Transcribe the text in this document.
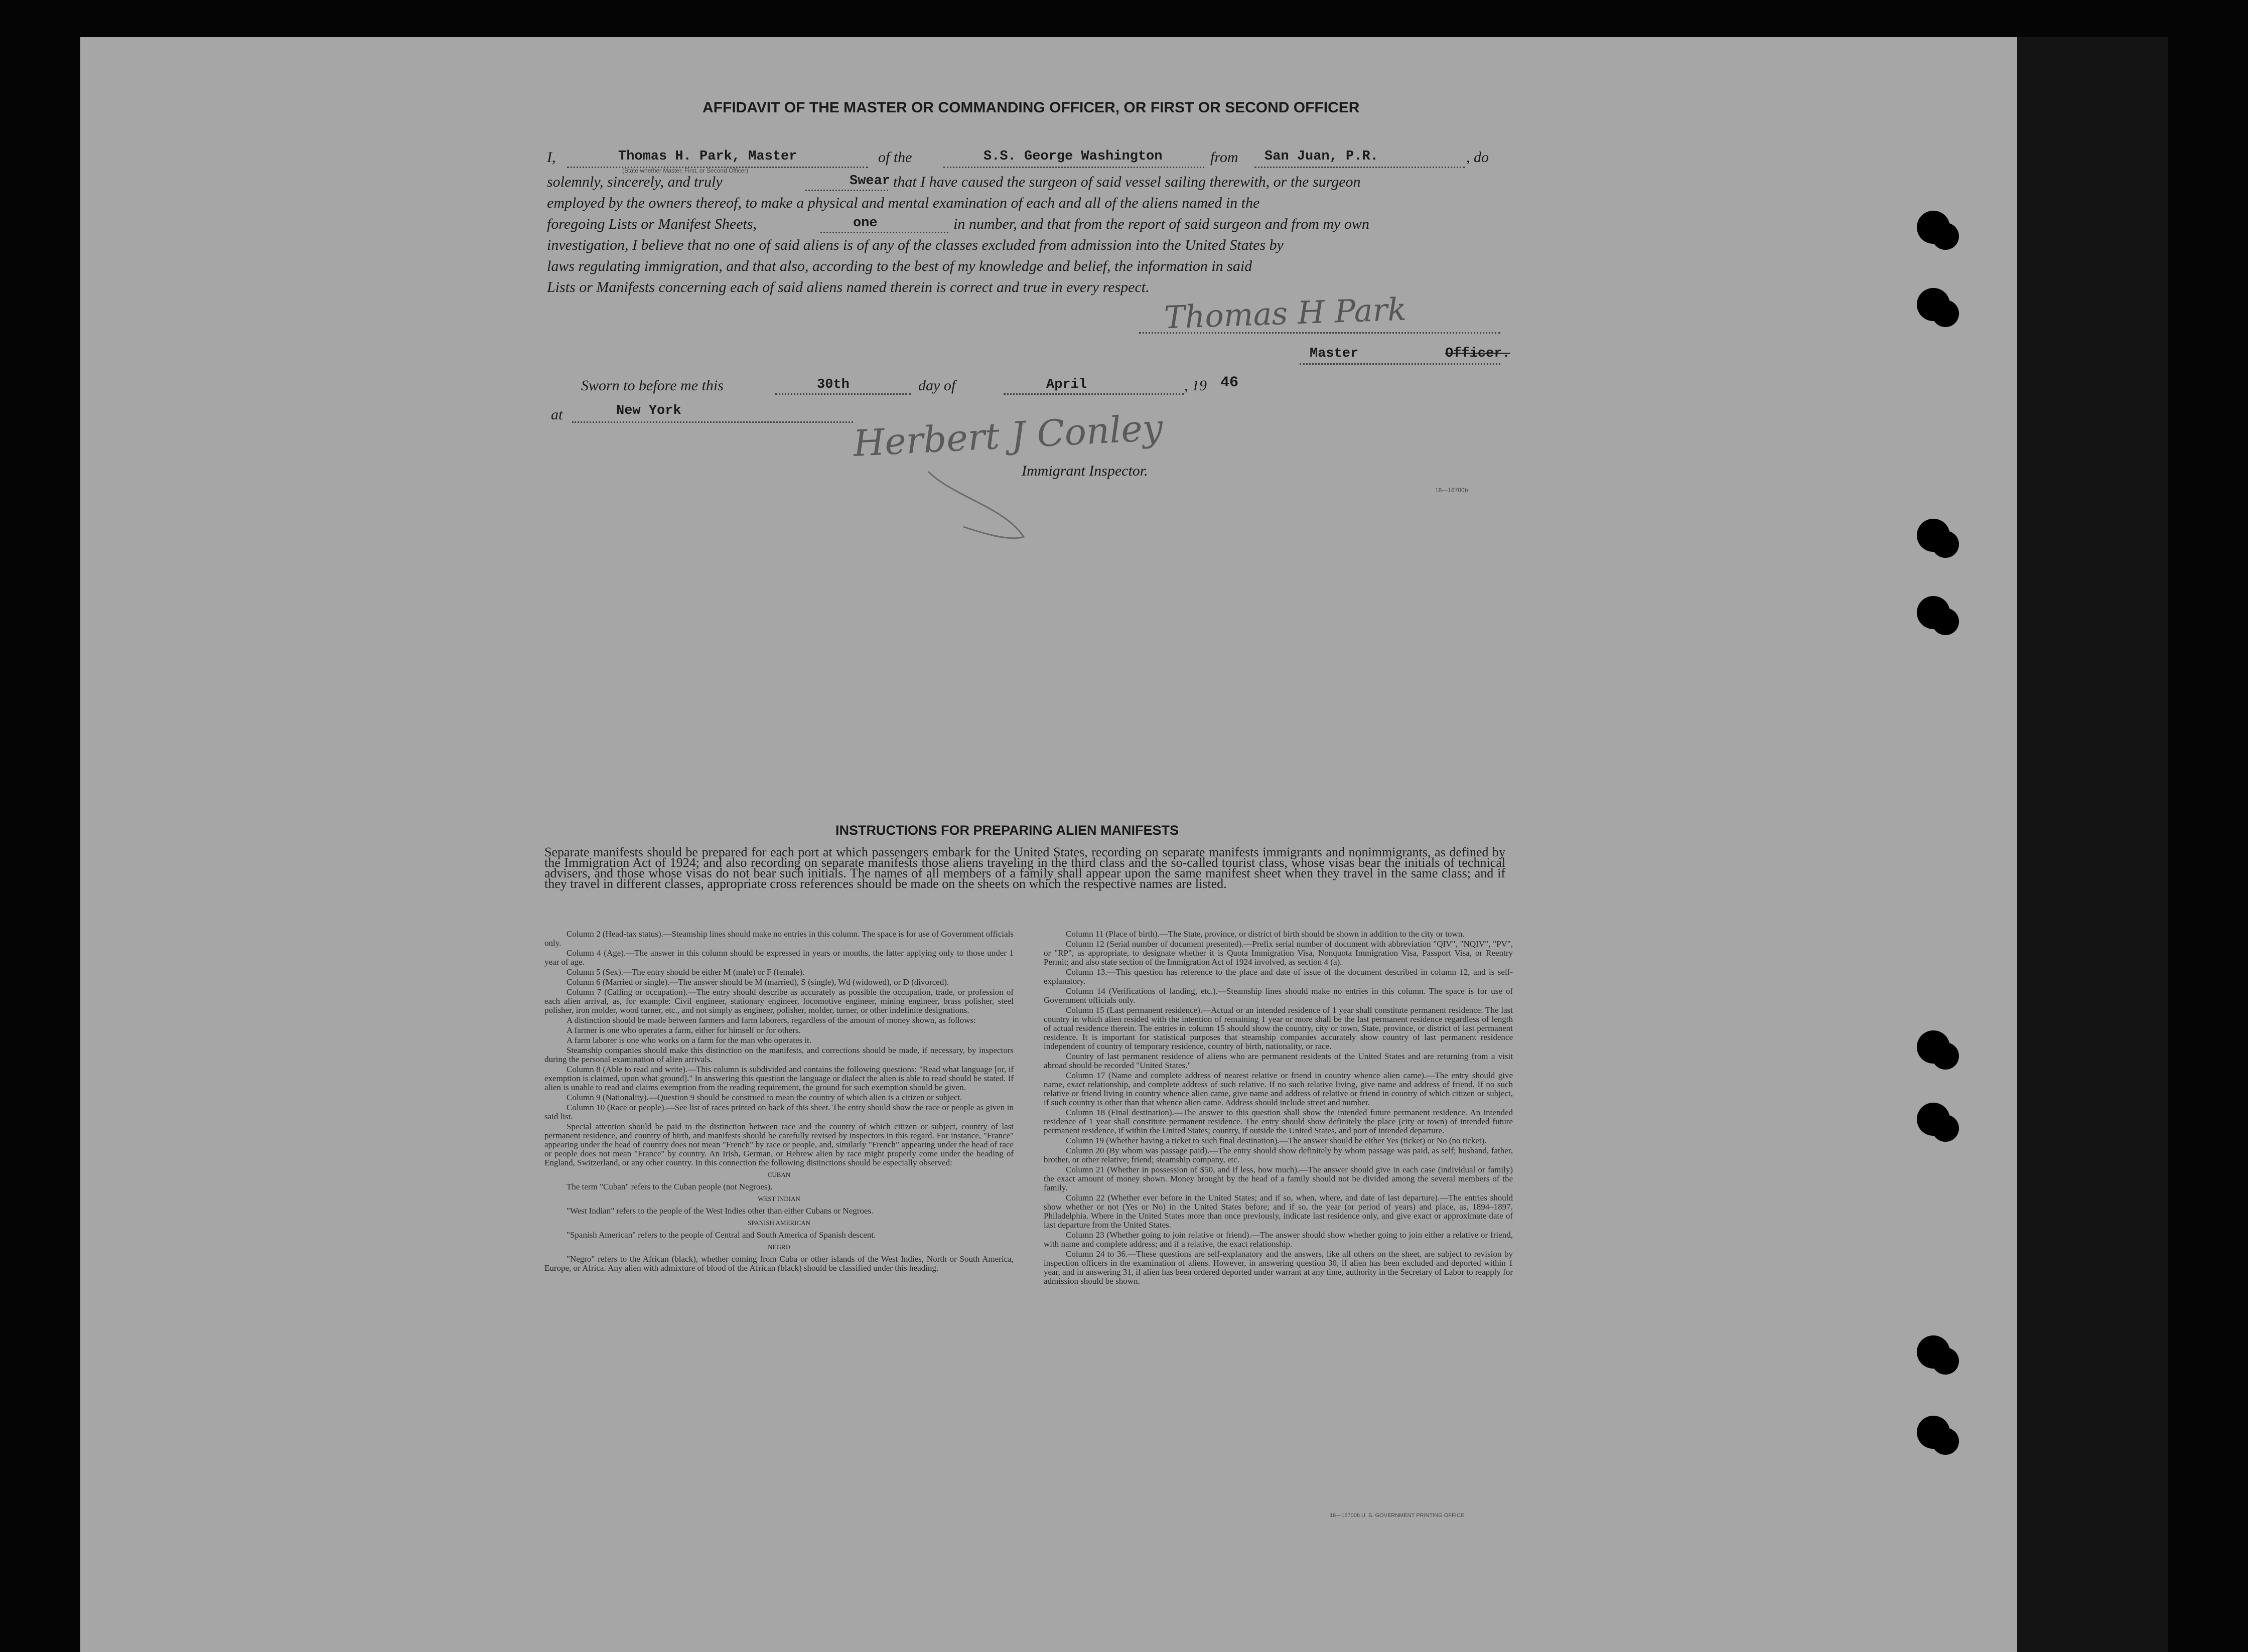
AFFIDAVIT OF THE MASTER OR COMMANDING OFFICER, OR FIRST OR SECOND OFFICER
I,	Thomas H. Park, Master
(State whether Master, First, or Second Officer)
of the	S.S. George Washington	from San Juan, P.R.	, do
solemnly, sincerely, and truly	Swear that I have caused the surgeon of said vessel sailing therewith, or the surgeon
employed by the owners thereof, to make a physical and mental examination of each and all of the aliens named in the
foregoing Lists or Manifest Sheets,	one	in number, and that from the report of said surgeon and from my own
investigation, I believe that no one of said aliens is of any of the classes excluded from admission into the United States by
laws regulating immigration, and that also, according to the best of my knowledge and belief, the information in said
Lists or Manifests concerning each of said aliens named therein is correct and true in every respect.
Thomas H Park
Master	Officer.
Sworn to before me this	30th	day of	April	, 19 46
at	New York	Herbert J Conley
Immigrant Inspector.
16—16700b
INSTRUCTIONS FOR PREPARING ALIEN MANIFESTS
Separate manifests should be prepared for each port at which passengers embark for the United States, recording on separate manifests immigrants and nonimmigrants, as defined by the Immigration Act of 1924; and also recording on separate manifests those aliens traveling in the third class and the so-called tourist class, whose visas bear the initials of technical advisers, and those whose visas do not bear such initials. The names of all members of a family shall appear upon the same manifest sheet when they travel in the same class; and if they travel in different classes, appropriate cross references should be made on the sheets on which the respective names are listed.

Column 2 (Head-tax status).—Steamship lines should make no entries in this column. The space is for use of Government officials only.

Column 4 (Age).—The answer in this column should be expressed in years or months, the latter applying only to those under 1 year of age.

Column 5 (Sex).—The entry should be either M (male) or F (female).

Column 6 (Married or single).—The answer should be M (married), S (single), Wd (widowed), or D (divorced).

Column 7 (Calling or occupation).—The entry should describe as accurately as possible the occupation, trade, or profession of each alien arrival, as, for example: Civil engineer, stationary engineer, locomotive engineer, mining engineer, brass polisher, steel polisher, iron molder, wood turner, etc., and not simply as engineer, polisher, molder, turner, or other indefinite designations.

A distinction should be made between farmers and farm laborers, regardless of the amount of money shown, as follows:

A farmer is one who operates a farm, either for himself or for others.

A farm laborer is one who works on a farm for the man who operates it.

Steamship companies should make this distinction on the manifests, and corrections should be made, if necessary, by inspectors during the personal examination of alien arrivals.

Column 8 (Able to read and write).—This column is subdivided and contains the following questions: "Read what language [or, if exemption is claimed, upon what ground]." In answering this question the language or dialect the alien is able to read should be stated. If alien is unable to read and claims exemption from the reading requirement, the ground for such exemption should be given.

Column 9 (Nationality).—Question 9 should be construed to mean the country of which alien is a citizen or subject.

Column 10 (Race or people).—See list of races printed on back of this sheet. The entry should show the race or people as given in said list.

Special attention should be paid to the distinction between race and the country of which citizen or subject, country of last permanent residence, and country of birth, and manifests should be carefully revised by inspectors in this regard. For instance, "France" appearing under the head of country does not mean "French" by race or people, and, similarly "French" appearing under the head of race or people does not mean "France" by country. An Irish, German, or Hebrew alien by race might properly come under the heading of England, Switzerland, or any other country. In this connection the following distinctions should be especially observed:

CUBAN

The term "Cuban" refers to the Cuban people (not Negroes).

WEST INDIAN

"West Indian" refers to the people of the West Indies other than either Cubans or Negroes.

SPANISH AMERICAN

"Spanish American" refers to the people of Central and South America of Spanish descent.

NEGRO

"Negro" refers to the African (black), whether coming from Cuba or other islands of the West Indies, North or South America, Europe, or Africa. Any alien with admixture of blood of the African (black) should be classified under this heading.

Column 11 (Place of birth).—The State, province, or district of birth should be shown in addition to the city or town.

Column 12 (Serial number of document presented).—Prefix serial number of document with abbreviation "QIV", "NQIV", "PV", or "RP", as appropriate, to designate whether it is Quota Immigration Visa, Nonquota Immigration Visa, Passport Visa, or Reentry Permit; and also state section of the Immigration Act of 1924 involved, as section 4 (a).

Column 13.—This question has reference to the place and date of issue of the document described in column 12, and is self-explanatory.

Column 14 (Verifications of landing, etc.).—Steamship lines should make no entries in this column. The space is for use of Government officials only.

Column 15 (Last permanent residence).—Actual or an intended residence of 1 year shall constitute permanent residence. The last country in which alien resided with the intention of remaining 1 year or more shall be the last permanent residence regardless of length of actual residence therein. The entries in column 15 should show the country, city or town, State, province, or district of last permanent residence. It is important for statistical purposes that steamship companies accurately show country of last permanent residence independent of country of temporary residence, country of birth, nationality, or race.

Country of last permanent residence of aliens who are permanent residents of the United States and are returning from a visit abroad should be recorded "United States."

Column 17 (Name and complete address of nearest relative or friend in country whence alien came).—The entry should give name, exact relationship, and complete address of such relative. If no such relative living, give name and address of friend. If no such relative or friend living in country whence alien came, give name and address of relative or friend in country of which citizen or subject, if such country is other than that whence alien came. Address should include street and number.

Column 18 (Final destination).—The answer to this question shall show the intended future permanent residence. An intended residence of 1 year shall constitute permanent residence. The entry should show definitely the place (city or town) of intended future permanent residence, if within the United States; country, if outside the United States, and port of intended departure.

Column 19 (Whether having a ticket to such final destination).—The answer should be either Yes (ticket) or No (no ticket).

Column 20 (By whom was passage paid).—The entry should show definitely by whom passage was paid, as self; husband, father, brother, or other relative; friend; steamship company, etc.

Column 21 (Whether in possession of $50, and if less, how much).—The answer should give in each case (individual or family) the exact amount of money shown. Money brought by the head of a family should not be divided among the several members of the family.

Column 22 (Whether ever before in the United States; and if so, when, where, and date of last departure).—The entries should show whether or not (Yes or No) in the United States before; and if so, the year (or period of years) and place, as, 1894–1897, Philadelphia. Where in the United States more than once previously, indicate last residence only, and give exact or approximate date of last departure from the United States.

Column 23 (Whether going to join relative or friend).—The answer should show whether going to join either a relative or friend, with name and complete address; and if a relative, the exact relationship.

Column 24 to 36.—These questions are self-explanatory and the answers, like all others on the sheet, are subject to revision by inspection officers in the examination of aliens. However, in answering question 30, if alien has been excluded and deported within 1 year, and in answering 31, if alien has been ordered deported under warrant at any time, authority in the Secretary of Labor to reapply for admission should be shown.

16—16700b U. S. GOVERNMENT PRINTING OFFICE
